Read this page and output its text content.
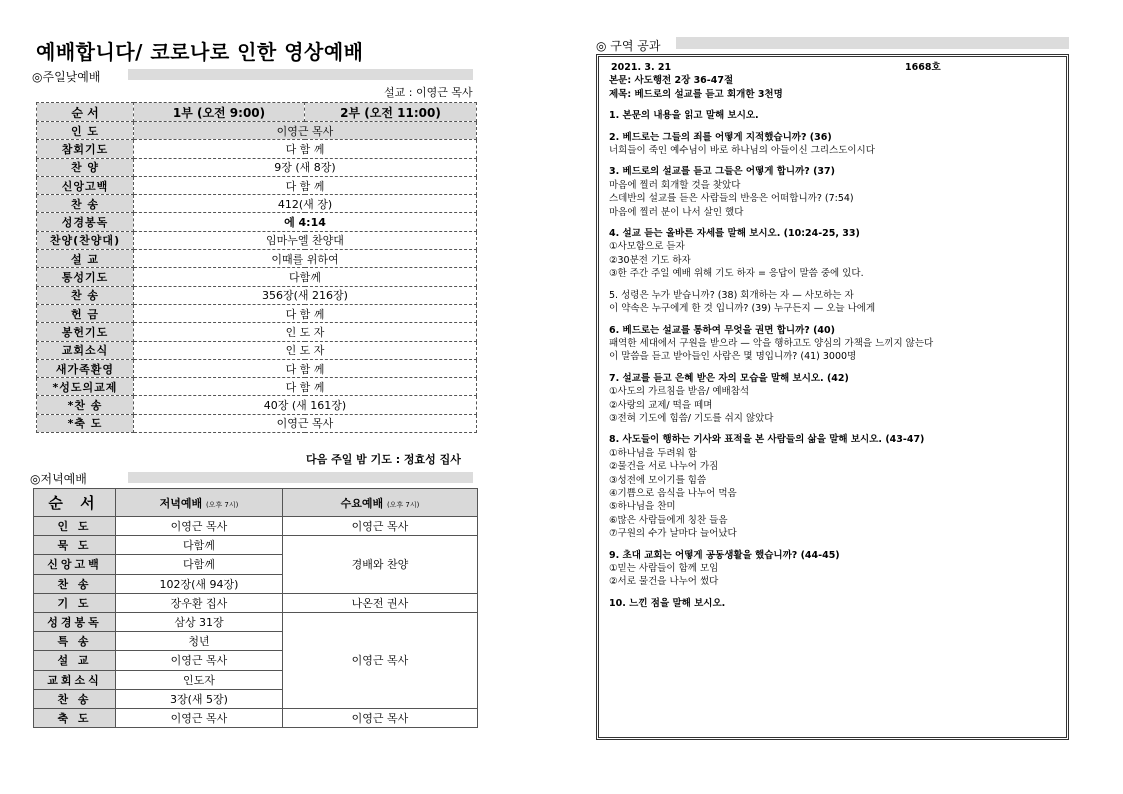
예배합니다/ 코로나로 인한 영상예배
◎주일낮예배
설교 : 이영근 목사
순 서	1부 (오전 9:00)	2부 (오전 11:00)
인 도	이영근 목사	
참회기도	다 함 께	
찬 양	9장 (새 8장)	
신앙고백	다 함 께	
찬 송	412(새 장)	
성경봉독	에 4:14	
찬양(찬양대)	임마누엘 찬양대	
설 교	이때를 위하여	
통성기도	다함께	
찬 송	356장(새 216장)	
헌 금	다 함 께	
봉헌기도	인 도 자	
교회소식	인 도 자	
새가족환영	다 함 께	
*성도의교제	다 함 께	
*찬 송	40장 (새 161장)	
*축 도	이영근 목사	
다음 주일 밤 기도 : 정효성 집사
◎저녁예배
순 서	저녁예배 (오후 7시)	수요예배 (오후 7시)
인 도	이영근 목사	이영근 목사
묵 도	다함께	경배와 찬양
신앙고백	다함께	
찬 송	102장(새 94장)	
기 도	장우환 집사	나온전 권사
성경봉독	삼상 31장	이영근 목사
특 송	청년	
설 교	이영근 목사	
교회소식	인도자	
찬 송	3장(새 5장)	
축 도	이영근 목사	이영근 목사
◎ 구역 공과
2021. 3. 21	1668호
본문: 사도행전 2장 36-47절
제목: 베드로의 설교를 듣고 회개한 3천명
1. 본문의 내용을 읽고 말해 보시오.
2. 베드로는 그들의 죄를 어떻게 지적했습니까? (36)
너희들이 죽인 예수님이 바로 하나님의 아들이신 그리스도이시다
3. 베드로의 설교를 듣고 그들은 어떻게 합니까? (37)
마음에 찔러 회개할 것을 찾았다
스데반의 설교를 듣은 사람들의 반응은 어떠합니까? (7:54)
마음에 찔러 분이 나서 살인 했다
4. 설교 듣는 올바른 자세를 말해 보시오. (10:24-25, 33)
①사모함으로 듣자
②30분전 기도 하자
③한 주간 주일 예배 위해 기도 하자 = 응답이 말씀 중에 있다.
5. 성령은 누가 받습니까? (38) 회개하는 자 — 사모하는 자
이 약속은 누구에게 한 것 입니까? (39) 누구든지 — 오늘 나에게
6. 베드로는 설교를 통하여 무엇을 권면 합니까? (40)
패역한 세대에서 구원을 받으라 — 악을 행하고도 양심의 가책을 느끼지 않는다
이 말씀을 듣고 받아들인 사람은 몇 명입니까? (41) 3000명
7. 설교를 듣고 은혜 받은 자의 모습을 말해 보시오. (42)
①사도의 가르침을 받음/ 예배참석
②사랑의 교제/ 떡을 떼며
③전혀 기도에 힘씀/ 기도를 쉬지 않았다
8. 사도들이 행하는 기사와 표적을 본 사람들의 삶을 말해 보시오. (43-47)
①하나님을 두려워 함
②물건을 서로 나누어 가짐
③성전에 모이기를 힘씀
④기쁨으로 음식을 나누어 먹음
⑤하나님을 찬미
⑥많은 사람들에게 칭찬 들음
⑦구원의 수가 날마다 늘어났다
9. 초대 교회는 어떻게 공동생활을 했습니까? (44-45)
①믿는 사람들이 함께 모임
②서로 물건을 나누어 썼다
10. 느낀 점을 말해 보시오.
